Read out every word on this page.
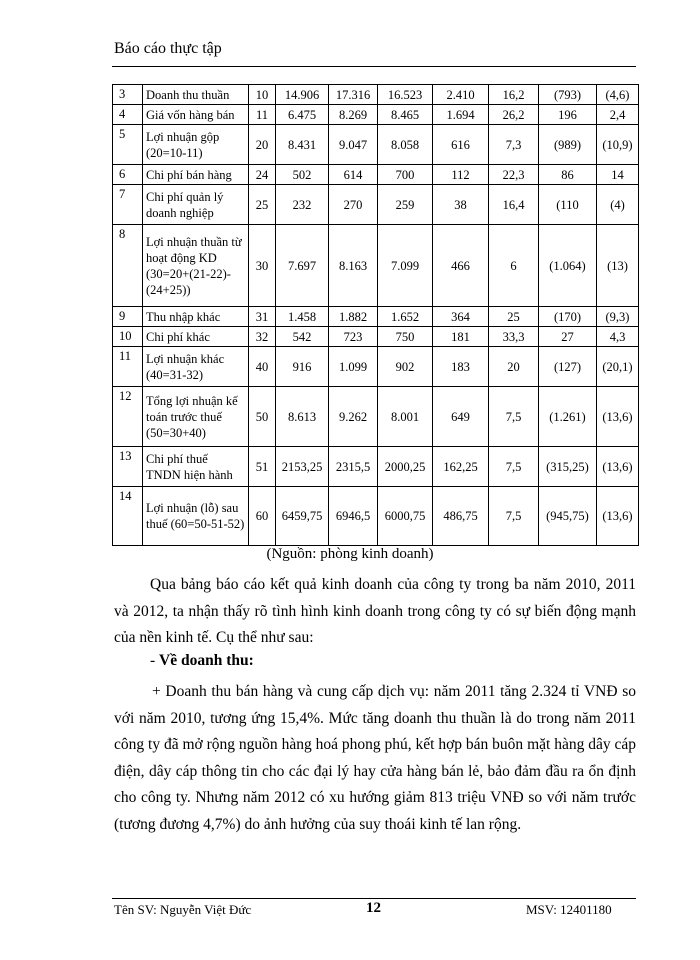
Báo cáo thực tập
3	Doanh thu thuần	10	14.906	17.316	16.523	2.410	16,2	(793)	(4,6)
4	Giá vốn hàng bán	11	6.475	8.269	8.465	1.694	26,2	196	2,4
5	Lợi nhuận gộp (20=10-11)	20	8.431	9.047	8.058	616	7,3	(989)	(10,9)
6	Chi phí bán hàng	24	502	614	700	112	22,3	86	14
7	Chi phí quản lý doanh nghiệp	25	232	270	259	38	16,4	(110	(4)
8	Lợi nhuận thuần từ hoạt động KD (30=20+(21-22)-(24+25))	30	7.697	8.163	7.099	466	6	(1.064)	(13)
9	Thu nhập khác	31	1.458	1.882	1.652	364	25	(170)	(9,3)
10	Chi phí khác	32	542	723	750	181	33,3	27	4,3
11	Lợi nhuận khác (40=31-32)	40	916	1.099	902	183	20	(127)	(20,1)
12	Tổng lợi nhuận kế toán trước thuế (50=30+40)	50	8.613	9.262	8.001	649	7,5	(1.261)	(13,6)
13	Chi phí thuế TNDN hiện hành	51	2153,25	2315,5	2000,25	162,25	7,5	(315,25)	(13,6)
14	Lợi nhuận (lỗ) sau thuế (60=50-51-52)	60	6459,75	6946,5	6000,75	486,75	7,5	(945,75)	(13,6)
(Nguồn: phòng kinh doanh)
Qua bảng báo cáo kết quả kinh doanh của công ty trong ba năm 2010, 2011 và 2012, ta nhận thấy rõ tình hình kinh doanh trong công ty có sự biến động mạnh của nền kinh tế. Cụ thể như sau:
- Về doanh thu:
+ Doanh thu bán hàng và cung cấp dịch vụ: năm 2011 tăng 2.324 tỉ VNĐ so với năm 2010, tương ứng 15,4%. Mức tăng doanh thu thuần là do trong năm 2011 công ty đã mở rộng nguồn hàng hoá phong phú, kết hợp bán buôn mặt hàng dây cáp điện, dây cáp thông tin cho các đại lý hay cửa hàng bán lẻ, bảo đảm đầu ra ổn định cho công ty. Nhưng năm 2012 có xu hướng giảm 813 triệu VNĐ so với năm trước (tương đương 4,7%) do ảnh hưởng của suy thoái kinh tế lan rộng.
Tên SV: Nguyễn Việt Đức	12	MSV: 12401180
